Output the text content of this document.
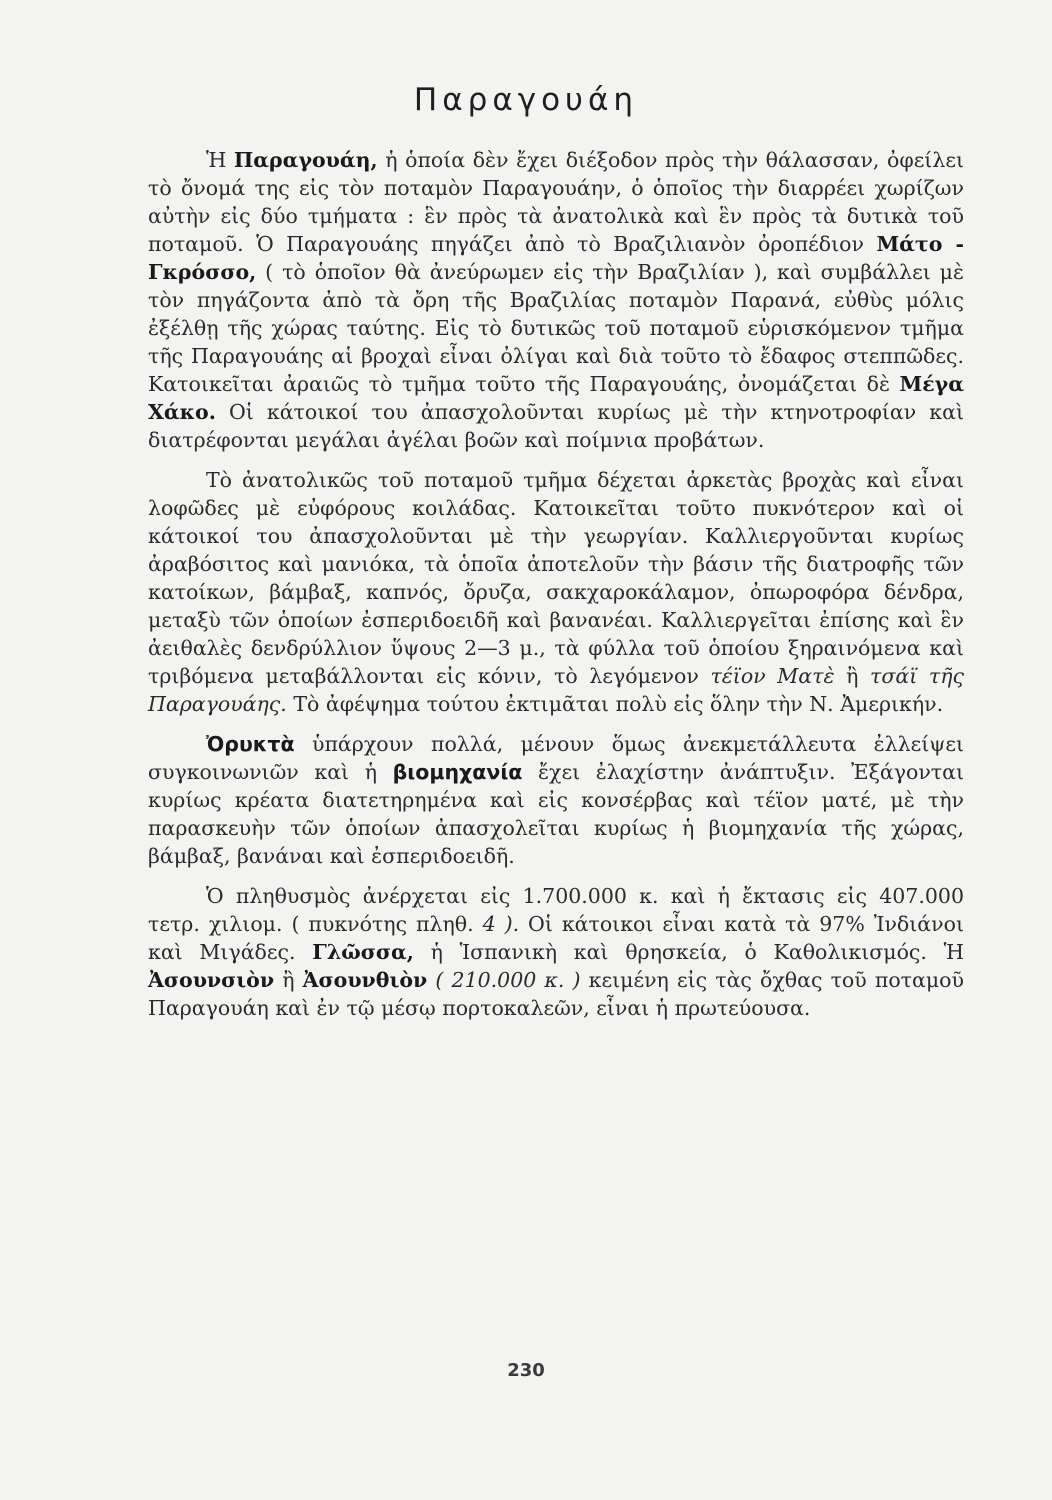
Παραγουάη

Ἡ Παραγουάη, ἡ ὁποία δὲν ἔχει διέξοδον πρὸς τὴν θάλασσαν, ὀφείλει τὸ ὄνομά της εἰς τὸν ποταμὸν Παραγουάην, ὁ ὁποῖος τὴν διαρρέει χωρίζων αὐτὴν εἰς δύο τμήματα : ἓν πρὸς τὰ ἀνατολικὰ καὶ ἓν πρὸς τὰ δυτικὰ τοῦ ποταμοῦ. Ὁ Παραγουάης πηγάζει ἀπὸ τὸ Βραζιλιανὸν ὀροπέδιον Μάτο - Γκρόσσο, ( τὸ ὁποῖον θὰ ἀνεύρωμεν εἰς τὴν Βραζιλίαν ), καὶ συμβάλλει μὲ τὸν πηγάζοντα ἀπὸ τὰ ὄρη τῆς Βραζιλίας ποταμὸν Παρανά, εὐθὺς μόλις ἐξέλθῃ τῆς χώρας ταύτης. Εἰς τὸ δυτικῶς τοῦ ποταμοῦ εὑρισκόμενον τμῆμα τῆς Παραγουάης αἱ βροχαὶ εἶναι ὀλίγαι καὶ διὰ τοῦτο τὸ ἔδαφος στεππῶδες. Κατοικεῖται ἀραιῶς τὸ τμῆμα τοῦτο τῆς Παραγουάης, ὀνομάζεται δὲ Μέγα Χάκο. Οἱ κάτοικοί του ἀπασχολοῦνται κυρίως μὲ τὴν κτηνοτροφίαν καὶ διατρέφονται μεγάλαι ἀγέλαι βοῶν καὶ ποίμνια προβάτων.

Τὸ ἀνατολικῶς τοῦ ποταμοῦ τμῆμα δέχεται ἀρκετὰς βροχὰς καὶ εἶναι λοφῶδες μὲ εὐφόρους κοιλάδας. Κατοικεῖται τοῦτο πυκνότερον καὶ οἱ κάτοικοί του ἀπασχολοῦνται μὲ τὴν γεωργίαν. Καλλιεργοῦνται κυρίως ἀραβόσιτος καὶ μανιόκα, τὰ ὁποῖα ἀποτελοῦν τὴν βάσιν τῆς διατροφῆς τῶν κατοίκων, βάμβαξ, καπνός, ὄρυζα, σακχαροκάλαμον, ὀπωροφόρα δένδρα, μεταξὺ τῶν ὁποίων ἐσπεριδοειδῆ καὶ βανανέαι. Καλλιεργεῖται ἐπίσης καὶ ἓν ἀειθαλὲς δενδρύλλιον ὕψους 2—3 μ., τὰ φύλλα τοῦ ὁποίου ξηραινόμενα καὶ τριβόμενα μεταβάλλονται εἰς κόνιν, τὸ λεγόμενον τέϊον Ματὲ ἢ τσάϊ τῆς Παραγουάης. Τὸ ἀφέψημα τούτου ἐκτιμᾶται πολὺ εἰς ὅλην τὴν Ν. Ἀμερικήν.

Ὀρυκτὰ ὑπάρχουν πολλά, μένουν ὅμως ἀνεκμετάλλευτα ἐλλείψει συγκοινωνιῶν καὶ ἡ βιομηχανία ἔχει ἐλαχίστην ἀνάπτυξιν. Ἐξάγονται κυρίως κρέατα διατετηρημένα καὶ εἰς κονσέρβας καὶ τέϊον ματέ, μὲ τὴν παρασκευὴν τῶν ὁποίων ἀπασχολεῖται κυρίως ἡ βιομηχανία τῆς χώρας, βάμβαξ, βανάναι καὶ ἐσπεριδοειδῆ.

Ὁ πληθυσμὸς ἀνέρχεται εἰς 1.700.000 κ. καὶ ἡ ἔκτασις εἰς 407.000 τετρ. χιλιομ. ( πυκνότης πληθ. 4 ). Οἱ κάτοικοι εἶναι κατὰ τὰ 97% Ἰνδιάνοι καὶ Μιγάδες. Γλῶσσα, ἡ Ἱσπανικὴ καὶ θρησκεία, ὁ Καθολικισμός. Ἡ Ἀσουνσιὸν ἢ Ἀσουνθιὸν ( 210.000 κ. ) κειμένη εἰς τὰς ὄχθας τοῦ ποταμοῦ Παραγουάη καὶ ἐν τῷ μέσῳ πορτοκαλεῶν, εἶναι ἡ πρωτεύουσα.

230
